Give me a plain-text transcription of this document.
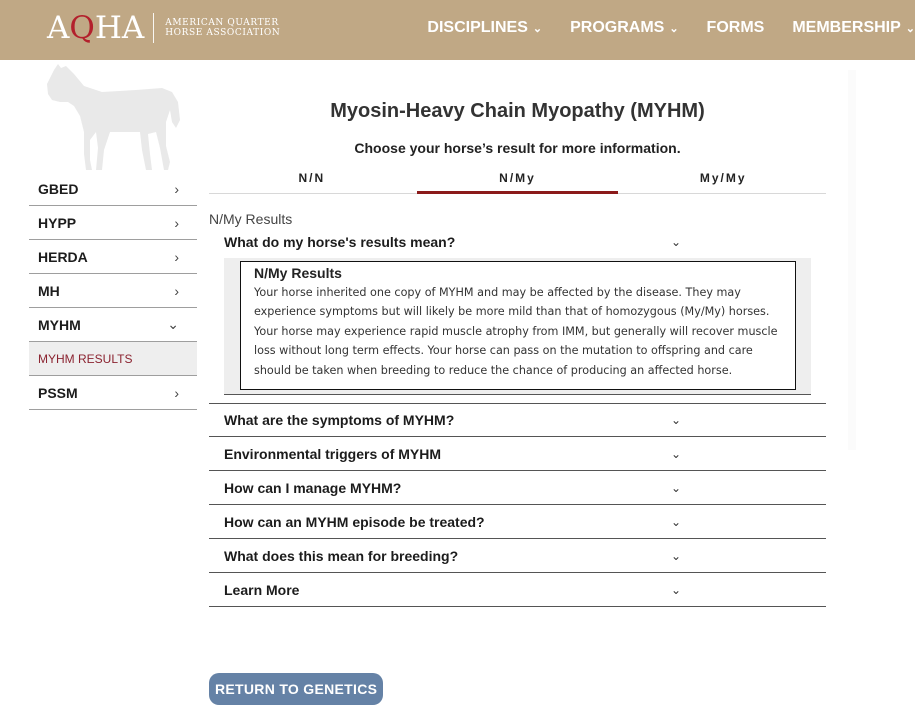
AQHA AMERICAN QUARTER
HORSE ASSOCIATION	DISCIPLINES ⌄ PROGRAMS ⌄ FORMS MEMBERSHIP ⌄
GBED	›
HYPP	›
HERDA	›
MH	›
MYHM	⌄
MYHM RESULTS
PSSM	›
Myosin-Heavy Chain Myopathy (MYHM)
Choose your horse’s result for more information.
N/N	N/My	My/My
N/My Results
What do my horse's results mean?	⌄
N/My Results
Your horse inherited one copy of MYHM and may be affected by the disease. They may experience symptoms but will likely be more mild than that of homozygous (My/My) horses. Your horse may experience rapid muscle atrophy from IMM, but generally will recover muscle loss without long term effects. Your horse can pass on the mutation to offspring and care should be taken when breeding to reduce the chance of producing an affected horse.
What are the symptoms of MYHM?	⌄
Environmental triggers of MYHM	⌄
How can I manage MYHM?	⌄
How can an MYHM episode be treated?	⌄
What does this mean for breeding?	⌄
Learn More	⌄
RETURN TO GENETICS
